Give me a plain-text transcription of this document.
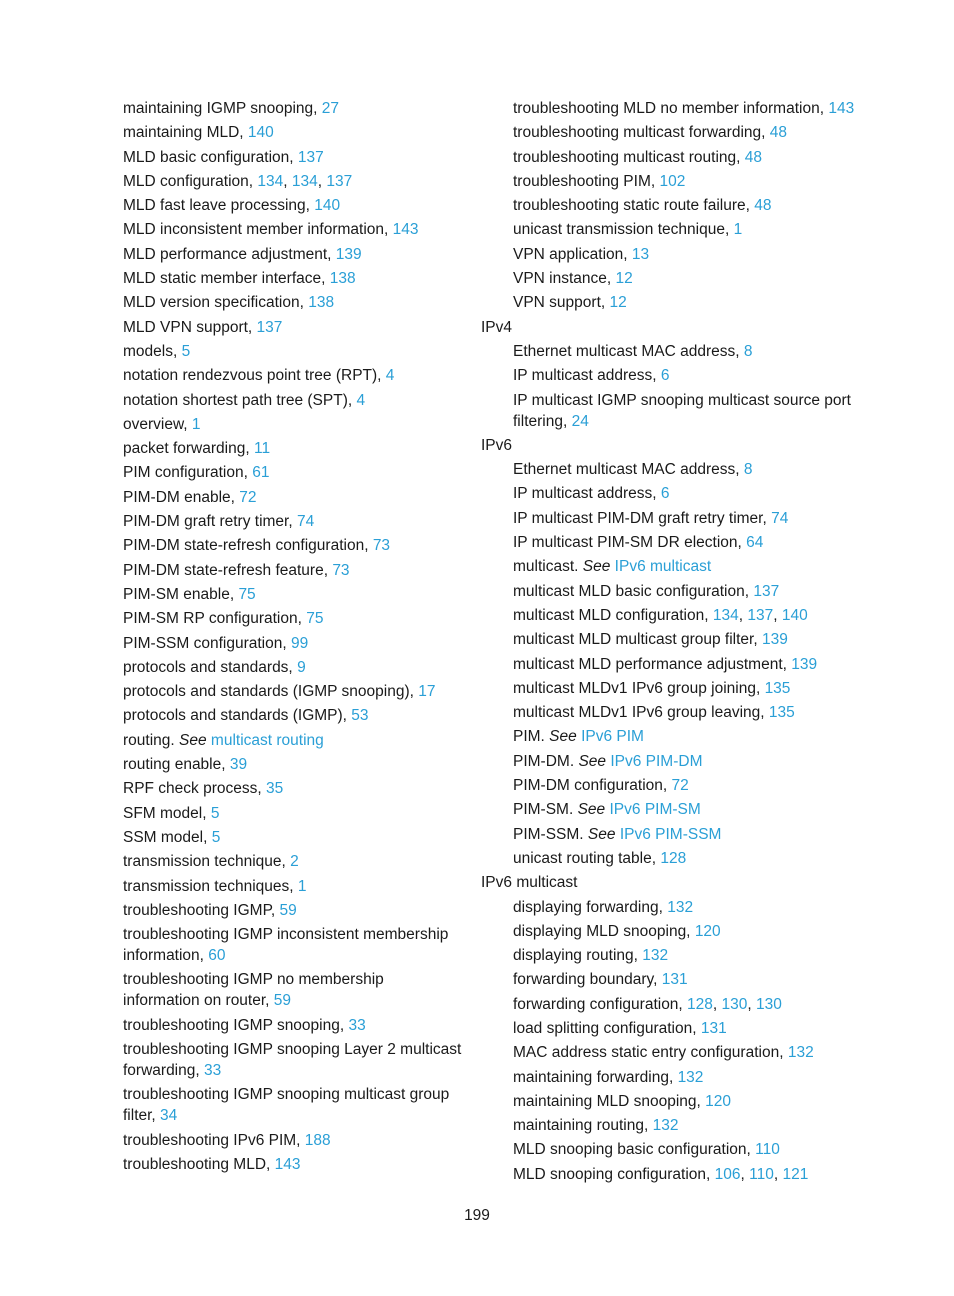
maintaining IGMP snooping, 27
maintaining MLD, 140
MLD basic configuration, 137
MLD configuration, 134, 134, 137
MLD fast leave processing, 140
MLD inconsistent member information, 143
MLD performance adjustment, 139
MLD static member interface, 138
MLD version specification, 138
MLD VPN support, 137
models, 5
notation rendezvous point tree (RPT), 4
notation shortest path tree (SPT), 4
overview, 1
packet forwarding, 11
PIM configuration, 61
PIM-DM enable, 72
PIM-DM graft retry timer, 74
PIM-DM state-refresh configuration, 73
PIM-DM state-refresh feature, 73
PIM-SM enable, 75
PIM-SM RP configuration, 75
PIM-SSM configuration, 99
protocols and standards, 9
protocols and standards (IGMP snooping), 17
protocols and standards (IGMP), 53
routing. See multicast routing
routing enable, 39
RPF check process, 35
SFM model, 5
SSM model, 5
transmission technique, 2
transmission techniques, 1
troubleshooting IGMP, 59
troubleshooting IGMP inconsistent membership information, 60
troubleshooting IGMP no membership information on router, 59
troubleshooting IGMP snooping, 33
troubleshooting IGMP snooping Layer 2 multicast forwarding, 33
troubleshooting IGMP snooping multicast group filter, 34
troubleshooting IPv6 PIM, 188
troubleshooting MLD, 143
troubleshooting MLD no member information, 143
troubleshooting multicast forwarding, 48
troubleshooting multicast routing, 48
troubleshooting PIM, 102
troubleshooting static route failure, 48
unicast transmission technique, 1
VPN application, 13
VPN instance, 12
VPN support, 12
IPv4
Ethernet multicast MAC address, 8
IP multicast address, 6
IP multicast IGMP snooping multicast source port filtering, 24
IPv6
Ethernet multicast MAC address, 8
IP multicast address, 6
IP multicast PIM-DM graft retry timer, 74
IP multicast PIM-SM DR election, 64
multicast. See IPv6 multicast
multicast MLD basic configuration, 137
multicast MLD configuration, 134, 137, 140
multicast MLD multicast group filter, 139
multicast MLD performance adjustment, 139
multicast MLDv1 IPv6 group joining, 135
multicast MLDv1 IPv6 group leaving, 135
PIM. See IPv6 PIM
PIM-DM. See IPv6 PIM-DM
PIM-DM configuration, 72
PIM-SM. See IPv6 PIM-SM
PIM-SSM. See IPv6 PIM-SSM
unicast routing table, 128
IPv6 multicast
displaying forwarding, 132
displaying MLD snooping, 120
displaying routing, 132
forwarding boundary, 131
forwarding configuration, 128, 130, 130
load splitting configuration, 131
MAC address static entry configuration, 132
maintaining forwarding, 132
maintaining MLD snooping, 120
maintaining routing, 132
MLD snooping basic configuration, 110
MLD snooping configuration, 106, 110, 121
199
